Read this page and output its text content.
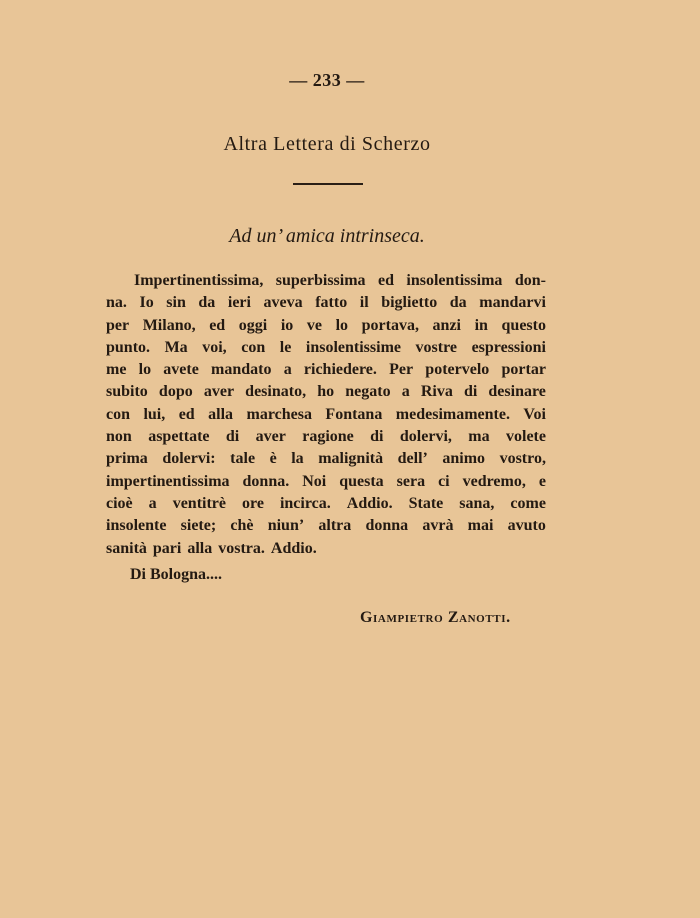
— 233 —
Altra Lettera di Scherzo
Ad un’ amica intrinseca.
Impertinentissima, superbissima ed insolentissima don-
na. Io sin da ieri aveva fatto il biglietto da mandarvi
per Milano, ed oggi io ve lo portava, anzi in questo
punto. Ma voi, con le insolentissime vostre espressioni
me lo avete mandato a richiedere. Per potervelo portar
subito dopo aver desinato, ho negato a Riva di desinare
con lui, ed alla marchesa Fontana medesimamente. Voi
non aspettate di aver ragione di dolervi, ma volete
prima dolervi: tale è la malignità dell’ animo vostro,
impertinentissima donna. Noi questa sera ci vedremo, e
cioè a ventitrè ore incirca. Addio. State sana, come
insolente siete; chè niun’ altra donna avrà mai avuto
sanità pari alla vostra. Addio.
Di Bologna....
Giampietro Zanotti.
